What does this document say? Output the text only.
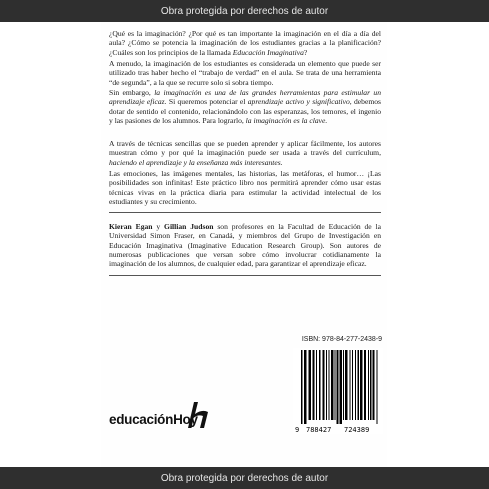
Obra protegida por derechos de autor

¿Qué es la imaginación? ¿Por qué es tan importante la imaginación en el día a día del aula? ¿Cómo se potencia la imaginación de los estudiantes gracias a la planificación? ¿Cuáles son los principios de la llamada Educación Imaginativa?

A menudo, la imaginación de los estudiantes es considerada un elemento que puede ser utilizado tras haber hecho el “trabajo de verdad” en el aula. Se trata de una herramienta “de segunda”, a la que se recurre solo si sobra tiempo.

Sin embargo, la imaginación es una de las grandes herramientas para estimular un aprendizaje eficaz. Si queremos potenciar el aprendizaje activo y significativo, debemos dotar de sentido el contenido, relacionándolo con las esperanzas, los temores, el ingenio y las pasiones de los alumnos. Para lograrlo, la imaginación es la clave.

A través de técnicas sencillas que se pueden aprender y aplicar fácilmente, los autores muestran cómo y por qué la imaginación puede ser usada a través del currículum, haciendo el aprendizaje y la enseñanza más interesantes.

Las emociones, las imágenes mentales, las historias, las metáforas, el humor… ¡Las posibilidades son infinitas! Este práctico libro nos permitirá aprender cómo usar estas técnicas vivas en la práctica diaria para estimular la actividad intelectual de los estudiantes y su crecimiento.

Kieran Egan y Gillian Judson son profesores en la Facultad de Educación de la Universidad Simon Fraser, en Canadá, y miembros del Grupo de Investigación en Educación Imaginativa (Imaginative Education Research Group). Son autores de numerosas publicaciones que versan sobre cómo involucrar cotidianamente la imaginación de los alumnos, de cualquier edad, para garantizar el aprendizaje eficaz.

ISBN: 978-84-277-2438-9
9 788427 724389
educaciónHoy
Obra protegida por derechos de autor
